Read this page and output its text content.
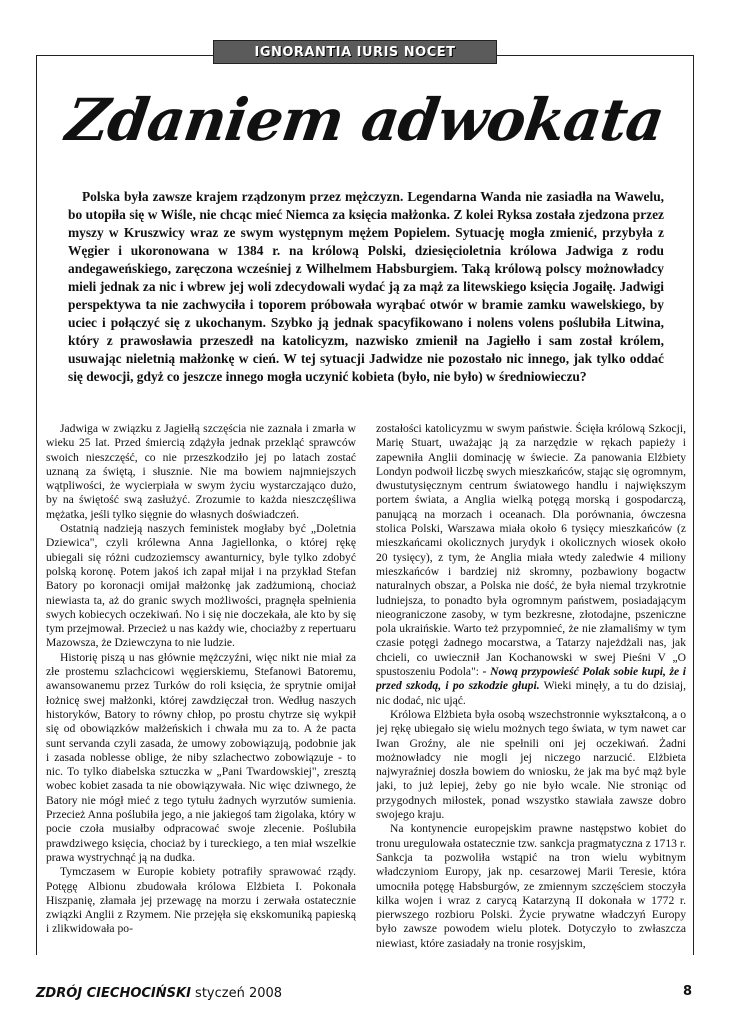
IGNORANTIA IURIS NOCET
Zdaniem adwokata

Polska była zawsze krajem rządzonym przez mężczyzn. Legendarna Wanda nie zasiadła na Wawelu, bo utopiła się w Wiśle, nie chcąc mieć Niemca za księcia małżonka. Z kolei Ryksa została zjedzona przez myszy w Kruszwicy wraz ze swym występnym mężem Popielem. Sytuację mogła zmienić, przybyła z Węgier i ukoronowana w 1384 r. na królową Polski, dziesięcioletnia królowa Jadwiga z rodu andegaweńskiego, zaręczona wcześniej z Wilhelmem Habsburgiem. Taką królową polscy możnowładcy mieli jednak za nic i wbrew jej woli zdecydowali wydać ją za mąż za litewskiego księcia Jogaiłę. Jadwigi perspektywa ta nie zachwyciła i toporem próbowała wyrąbać otwór w bramie zamku wawelskiego, by uciec i połączyć się z ukochanym. Szybko ją jednak spacyfikowano i nolens volens poślubiła Litwina, który z prawosławia przeszedł na katolicyzm, nazwisko zmienił na Jagiełło i sam został królem, usuwając nieletnią małżonkę w cień. W tej sytuacji Jadwidze nie pozostało nic innego, jak tylko oddać się dewocji, gdyż co jeszcze innego mogła uczynić kobieta (było, nie było) w średniowieczu?

Jadwiga w związku z Jagiełłą szczęścia nie zaznała i zmarła w wieku 25 lat. Przed śmiercią zdążyła jednak przekląć sprawców swoich nieszczęść, co nie przeszkodziło jej po latach zostać uznaną za świętą, i słusznie. Nie ma bowiem najmniejszych wątpliwości, że wycierpiała w swym życiu wystarczająco dużo, by na świętość swą zasłużyć. Zrozumie to każda nieszczęśliwa mężatka, jeśli tylko sięgnie do własnych doświadczeń.

Ostatnią nadzieją naszych feministek mogłaby być „Doletnia Dziewica", czyli królewna Anna Jagiellonka, o której rękę ubiegali się różni cudzoziemscy awanturnicy, byle tylko zdobyć polską koronę. Potem jakoś ich zapał mijał i na przykład Stefan Batory po koronacji omijał małżonkę jak zadżumioną, chociaż niewiasta ta, aż do granic swych możliwości, pragnęła spełnienia swych kobiecych oczekiwań. No i się nie doczekała, ale kto by się tym przejmował. Przecież u nas każdy wie, chociażby z repertuaru Mazowsza, że Dziewczyna to nie ludzie.

Historię piszą u nas głównie mężczyźni, więc nikt nie miał za złe prostemu szlachcicowi węgierskiemu, Stefanowi Batoremu, awansowanemu przez Turków do roli księcia, że sprytnie omijał łożnicę swej małżonki, której zawdzięczał tron. Według naszych historyków, Batory to równy chłop, po prostu chytrze się wykpił się od obowiązków małżeńskich i chwała mu za to. A że pacta sunt servanda czyli zasada, że umowy zobowiązują, podobnie jak i zasada noblesse oblige, że niby szlachectwo zobowiązuje - to nic. To tylko diabelska sztuczka w „Pani Twardowskiej", zresztą wobec kobiet zasada ta nie obowiązywała. Nic więc dziwnego, że Batory nie mógł mieć z tego tytułu żadnych wyrzutów sumienia. Przecież Anna poślubiła jego, a nie jakiegoś tam żigolaka, który w pocie czoła musiałby odpracować swoje zlecenie. Poślubiła prawdziwego księcia, chociaż by i tureckiego, a ten miał wszelkie prawa wystrychnąć ją na dudka.

Tymczasem w Europie kobiety potrafiły sprawować rządy. Potęgę Albionu zbudowała królowa Elżbieta I. Pokonała Hiszpanię, złamała jej przewagę na morzu i zerwała ostatecznie związki Anglii z Rzymem. Nie przejęła się ekskomuniką papieską i zlikwidowała po-

zostałości katolicyzmu w swym państwie. Ścięła królową Szkocji, Marię Stuart, uważając ją za narzędzie w rękach papieży i zapewniła Anglii dominację w świecie. Za panowania Elżbiety Londyn podwoił liczbę swych mieszkańców, stając się ogromnym, dwustutysięcznym centrum światowego handlu i największym portem świata, a Anglia wielką potęgą morską i gospodarczą, panującą na morzach i oceanach. Dla porównania, ówczesna stolica Polski, Warszawa miała około 6 tysięcy mieszkańców (z mieszkańcami okolicznych jurydyk i okolicznych wiosek około 20 tysięcy), z tym, że Anglia miała wtedy zaledwie 4 miliony mieszkańców i bardziej niż skromny, pozbawiony bogactw naturalnych obszar, a Polska nie dość, że była niemal trzykrotnie ludniejsza, to ponadto była ogromnym państwem, posiadającym nieograniczone zasoby, w tym bezkresne, złotodajne, pszeniczne pola ukraińskie. Warto też przypomnieć, że nie złamaliśmy w tym czasie potęgi żadnego mocarstwa, a Tatarzy najeżdżali nas, jak chcieli, co uwiecznił Jan Kochanowski w swej Pieśni V „O spustoszeniu Podola": - Nową przypowieść Polak sobie kupi, że i przed szkodą, i po szkodzie głupi. Wieki minęły, a tu do dzisiaj, nic dodać, nic ująć.

Królowa Elżbieta była osobą wszechstronnie wykształconą, a o jej rękę ubiegało się wielu możnych tego świata, w tym nawet car Iwan Groźny, ale nie spełnili oni jej oczekiwań. Żadni możnowładcy nie mogli jej niczego narzucić. Elżbieta najwyraźniej doszła bowiem do wniosku, że jak ma być mąż byle jaki, to już lepiej, żeby go nie było wcale. Nie stroniąc od przygodnych miłostek, ponad wszystko stawiała zawsze dobro swojego kraju.

Na kontynencie europejskim prawne następstwo kobiet do tronu uregulowała ostatecznie tzw. sankcja pragmatyczna z 1713 r. Sankcja ta pozwoliła wstąpić na tron wielu wybitnym władczyniom Europy, jak np. cesarzowej Marii Teresie, która umocniła potęgę Habsburgów, ze zmiennym szczęściem stoczyła kilka wojen i wraz z carycą Katarzyną II dokonała w 1772 r. pierwszego rozbioru Polski. Życie prywatne władczyń Europy było zawsze powodem wielu plotek. Dotyczyło to zwłaszcza niewiast, które zasiadały na tronie rosyjskim,

ZDRÓJ CIECHOCIŃSKI styczeń 2008	8
